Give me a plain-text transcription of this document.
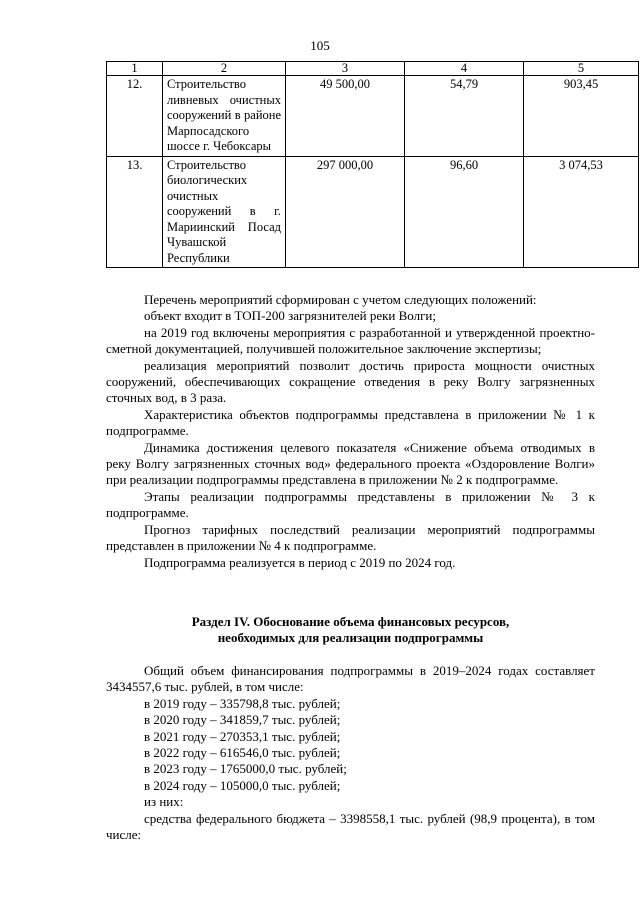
105
1	2	3	4	5
12.	Строительство ливневых очистных сооружений в районе Марпосадского шоссе г. Чебоксары	49 500,00	54,79	903,45
13.	Строительство биологических очистных сооружений в г. Мариинский Посад Чувашской Республики	297 000,00	96,60	3 074,53

Перечень мероприятий сформирован с учетом следующих положений:

объект входит в ТОП-200 загрязнителей реки Волги;

на 2019 год включены мероприятия с разработанной и утвержденной проектно-сметной документацией, получившей положительное заключение экспертизы;

реализация мероприятий позволит достичь прироста мощности очистных сооружений, обеспечивающих сокращение отведения в реку Волгу загрязненных сточных вод, в 3 раза.

Характеристика объектов подпрограммы представлена в приложении № 1 к подпрограмме.

Динамика достижения целевого показателя «Снижение объема отводимых в реку Волгу загрязненных сточных вод» федерального проекта «Оздоровление Волги» при реализации подпрограммы представлена в приложении № 2 к подпрограмме.

Этапы реализации подпрограммы представлены в приложении № 3 к подпрограмме.

Прогноз тарифных последствий реализации мероприятий подпрограммы представлен в приложении № 4 к подпрограмме.

Подпрограмма реализуется в период с 2019 по 2024 год.

Раздел IV. Обоснование объема финансовых ресурсов,
необходимых для реализации подпрограммы

Общий объем финансирования подпрограммы в 2019–2024 годах составляет 3434557,6 тыс. рублей, в том числе:

в 2019 году – 335798,8 тыс. рублей;

в 2020 году – 341859,7 тыс. рублей;

в 2021 году – 270353,1 тыс. рублей;

в 2022 году – 616546,0 тыс. рублей;

в 2023 году – 1765000,0 тыс. рублей;

в 2024 году – 105000,0 тыс. рублей;

из них:

средства федерального бюджета – 3398558,1 тыс. рублей (98,9 процента), в том числе:
